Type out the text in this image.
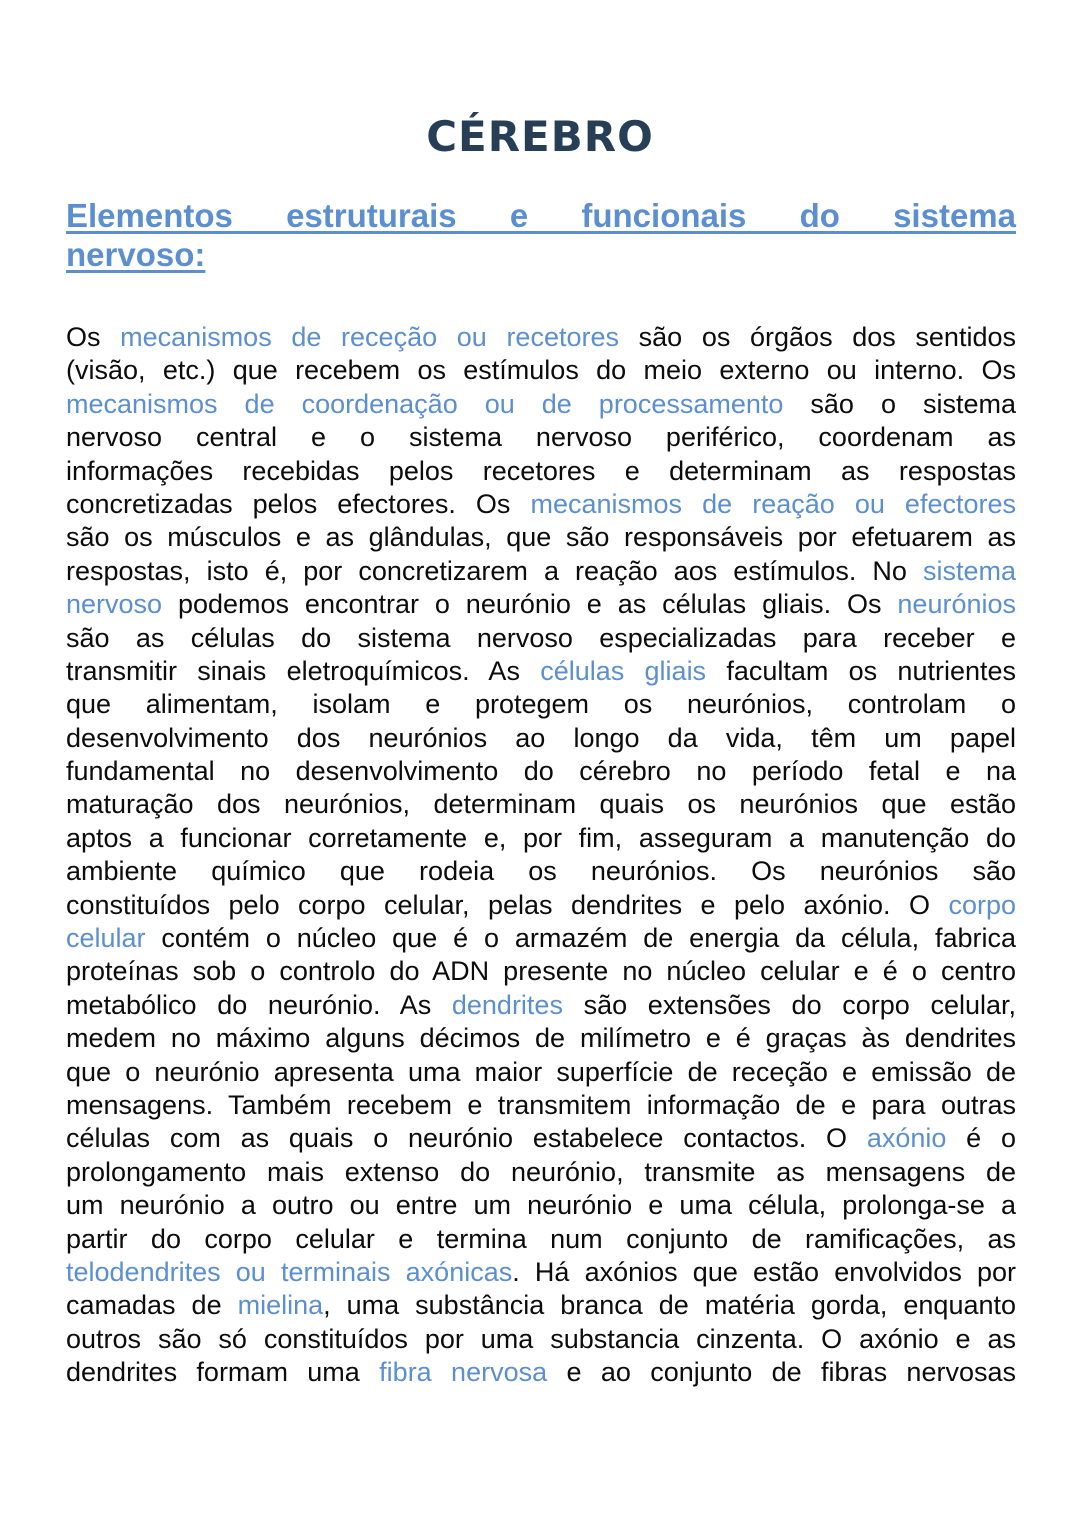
CÉREBRO
Elementos estruturais e funcionais do sistema
nervoso:
Os mecanismos de receção ou recetores são os órgãos dos sentidos
(visão, etc.) que recebem os estímulos do meio externo ou interno. Os
mecanismos de coordenação ou de processamento são o sistema
nervoso central e o sistema nervoso periférico, coordenam as
informações recebidas pelos recetores e determinam as respostas
concretizadas pelos efectores. Os mecanismos de reação ou efectores
são os músculos e as glândulas, que são responsáveis por efetuarem as
respostas, isto é, por concretizarem a reação aos estímulos. No sistema
nervoso podemos encontrar o neurónio e as células gliais. Os neurónios
são as células do sistema nervoso especializadas para receber e
transmitir sinais eletroquímicos. As células gliais facultam os nutrientes
que alimentam, isolam e protegem os neurónios, controlam o
desenvolvimento dos neurónios ao longo da vida, têm um papel
fundamental no desenvolvimento do cérebro no período fetal e na
maturação dos neurónios, determinam quais os neurónios que estão
aptos a funcionar corretamente e, por fim, asseguram a manutenção do
ambiente químico que rodeia os neurónios. Os neurónios são
constituídos pelo corpo celular, pelas dendrites e pelo axónio. O corpo
celular contém o núcleo que é o armazém de energia da célula, fabrica
proteínas sob o controlo do ADN presente no núcleo celular e é o centro
metabólico do neurónio. As dendrites são extensões do corpo celular,
medem no máximo alguns décimos de milímetro e é graças às dendrites
que o neurónio apresenta uma maior superfície de receção e emissão de
mensagens. Também recebem e transmitem informação de e para outras
células com as quais o neurónio estabelece contactos. O axónio é o
prolongamento mais extenso do neurónio, transmite as mensagens de
um neurónio a outro ou entre um neurónio e uma célula, prolonga-se a
partir do corpo celular e termina num conjunto de ramificações, as
telodendrites ou terminais axónicas. Há axónios que estão envolvidos por
camadas de mielina, uma substância branca de matéria gorda, enquanto
outros são só constituídos por uma substancia cinzenta. O axónio e as
dendrites formam uma fibra nervosa e ao conjunto de fibras nervosas
